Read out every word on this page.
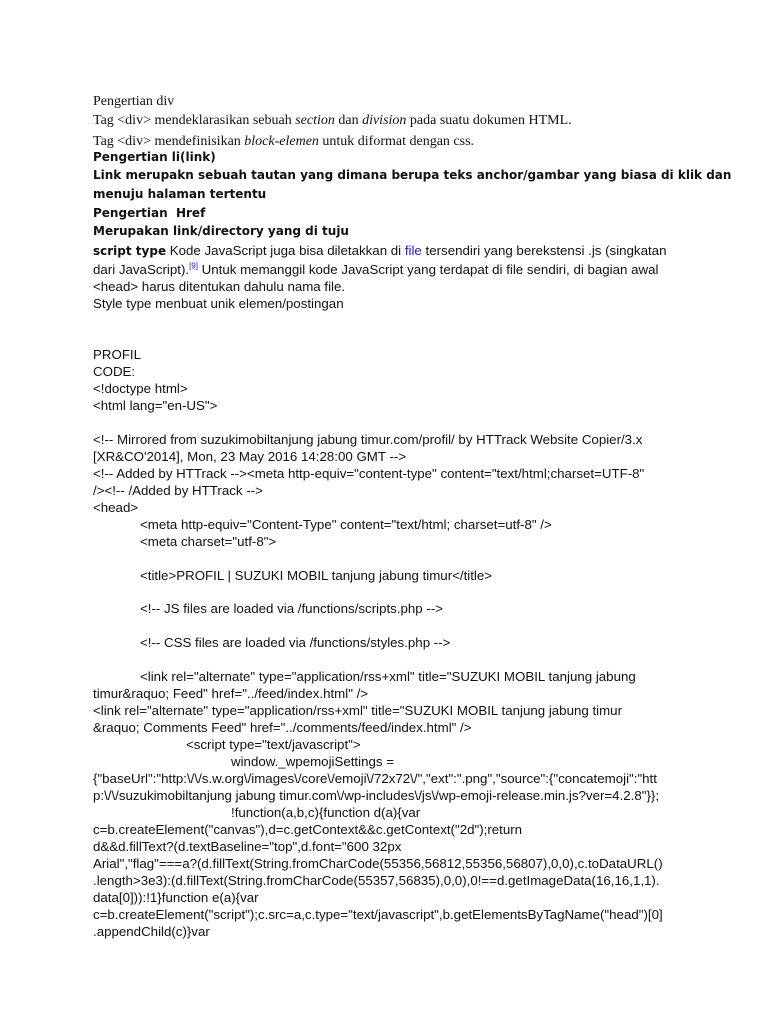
Pengertian div
Tag <div> mendeklarasikan sebuah section dan division pada suatu dokumen HTML.
Tag <div> mendefinisikan block-elemen untuk diformat dengan css.
Pengertian li(link)
Link merupakn sebuah tautan yang dimana berupa teks anchor/gambar yang biasa di klik dan
menuju halaman tertentu
Pengertian  Href
Merupakan link/directory yang di tuju
script type Kode JavaScript juga bisa diletakkan di file tersendiri yang berekstensi .js (singkatan
dari JavaScript).[9] Untuk memanggil kode JavaScript yang terdapat di file sendiri, di bagian awal
<head> harus ditentukan dahulu nama file.
Style type menbuat unik elemen/postingan
PROFIL
CODE:
<!doctype html>
<html lang="en-US">
<!-- Mirrored from suzukimobiltanjung jabung timur.com/profil/ by HTTrack Website Copier/3.x
[XR&CO'2014], Mon, 23 May 2016 14:28:00 GMT -->
<!-- Added by HTTrack --><meta http-equiv="content-type" content="text/html;charset=UTF-8"
/><!-- /Added by HTTrack -->
<head>
<meta http-equiv="Content-Type" content="text/html; charset=utf-8" />
<meta charset="utf-8">
<title>PROFIL | SUZUKI MOBIL tanjung jabung timur</title>
<!-- JS files are loaded via /functions/scripts.php -->
<!-- CSS files are loaded via /functions/styles.php -->
<link rel="alternate" type="application/rss+xml" title="SUZUKI MOBIL tanjung jabung
timur&raquo; Feed" href="../feed/index.html" />
<link rel="alternate" type="application/rss+xml" title="SUZUKI MOBIL tanjung jabung timur
&raquo; Comments Feed" href="../comments/feed/index.html" />
<script type="text/javascript">
window._wpemojiSettings =
{"baseUrl":"http:\/\/s.w.org\/images\/core\/emoji\/72x72\/","ext":".png","source":{"concatemoji":"htt
p:\/\/suzukimobiltanjung jabung timur.com\/wp-includes\/js\/wp-emoji-release.min.js?ver=4.2.8"}};
!function(a,b,c){function d(a){var
c=b.createElement("canvas"),d=c.getContext&&c.getContext("2d");return
d&&d.fillText?(d.textBaseline="top",d.font="600 32px
Arial","flag"===a?(d.fillText(String.fromCharCode(55356,56812,55356,56807),0,0),c.toDataURL()
.length>3e3):(d.fillText(String.fromCharCode(55357,56835),0,0),0!==d.getImageData(16,16,1,1).
data[0])):!1}function e(a){var
c=b.createElement("script");c.src=a,c.type="text/javascript",b.getElementsByTagName("head")[0]
.appendChild(c)}var
